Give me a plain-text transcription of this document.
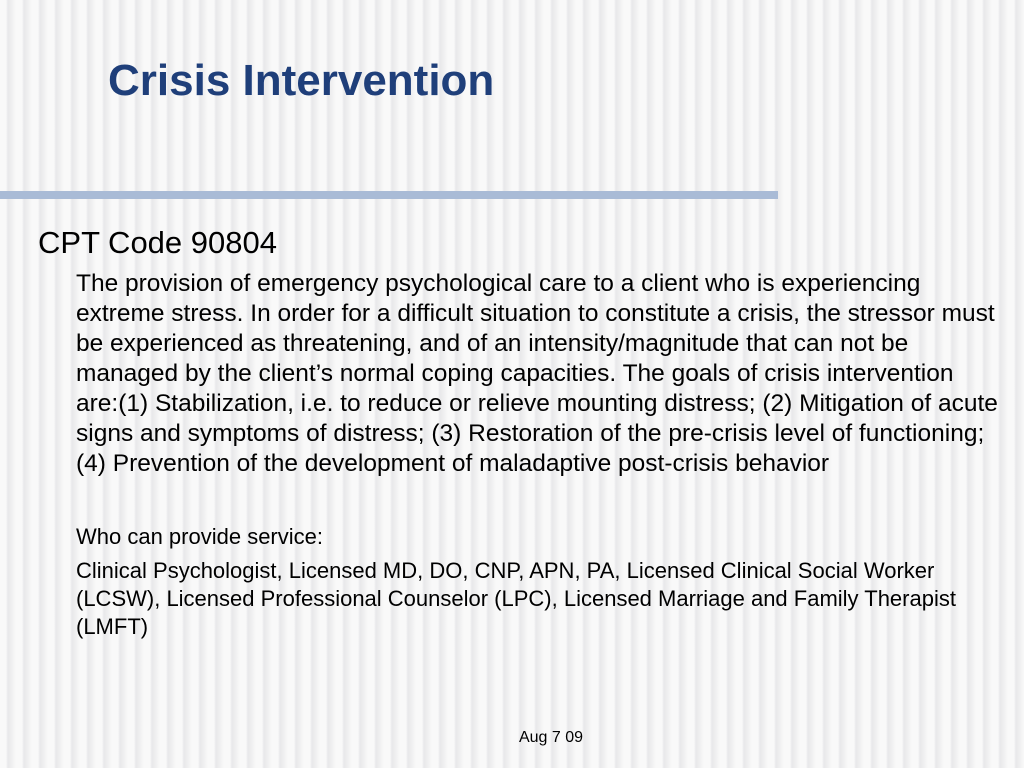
Crisis Intervention

CPT Code 90804

The provision of emergency psychological care to a client who is experiencing extreme stress. In order for a difficult situation to constitute a crisis, the stressor must be experienced as threatening, and of an intensity/magnitude that can not be managed by the client’s normal coping capacities. The goals of crisis intervention are:(1) Stabilization, i.e. to reduce or relieve mounting distress; (2) Mitigation of acute signs and symptoms of distress; (3) Restoration of the pre-crisis level of functioning; (4) Prevention of the development of maladaptive post-crisis behavior

Who can provide service:

Clinical Psychologist, Licensed MD, DO, CNP, APN, PA, Licensed Clinical Social Worker (LCSW), Licensed Professional Counselor (LPC), Licensed Marriage and Family Therapist (LMFT)

Aug 7 09
